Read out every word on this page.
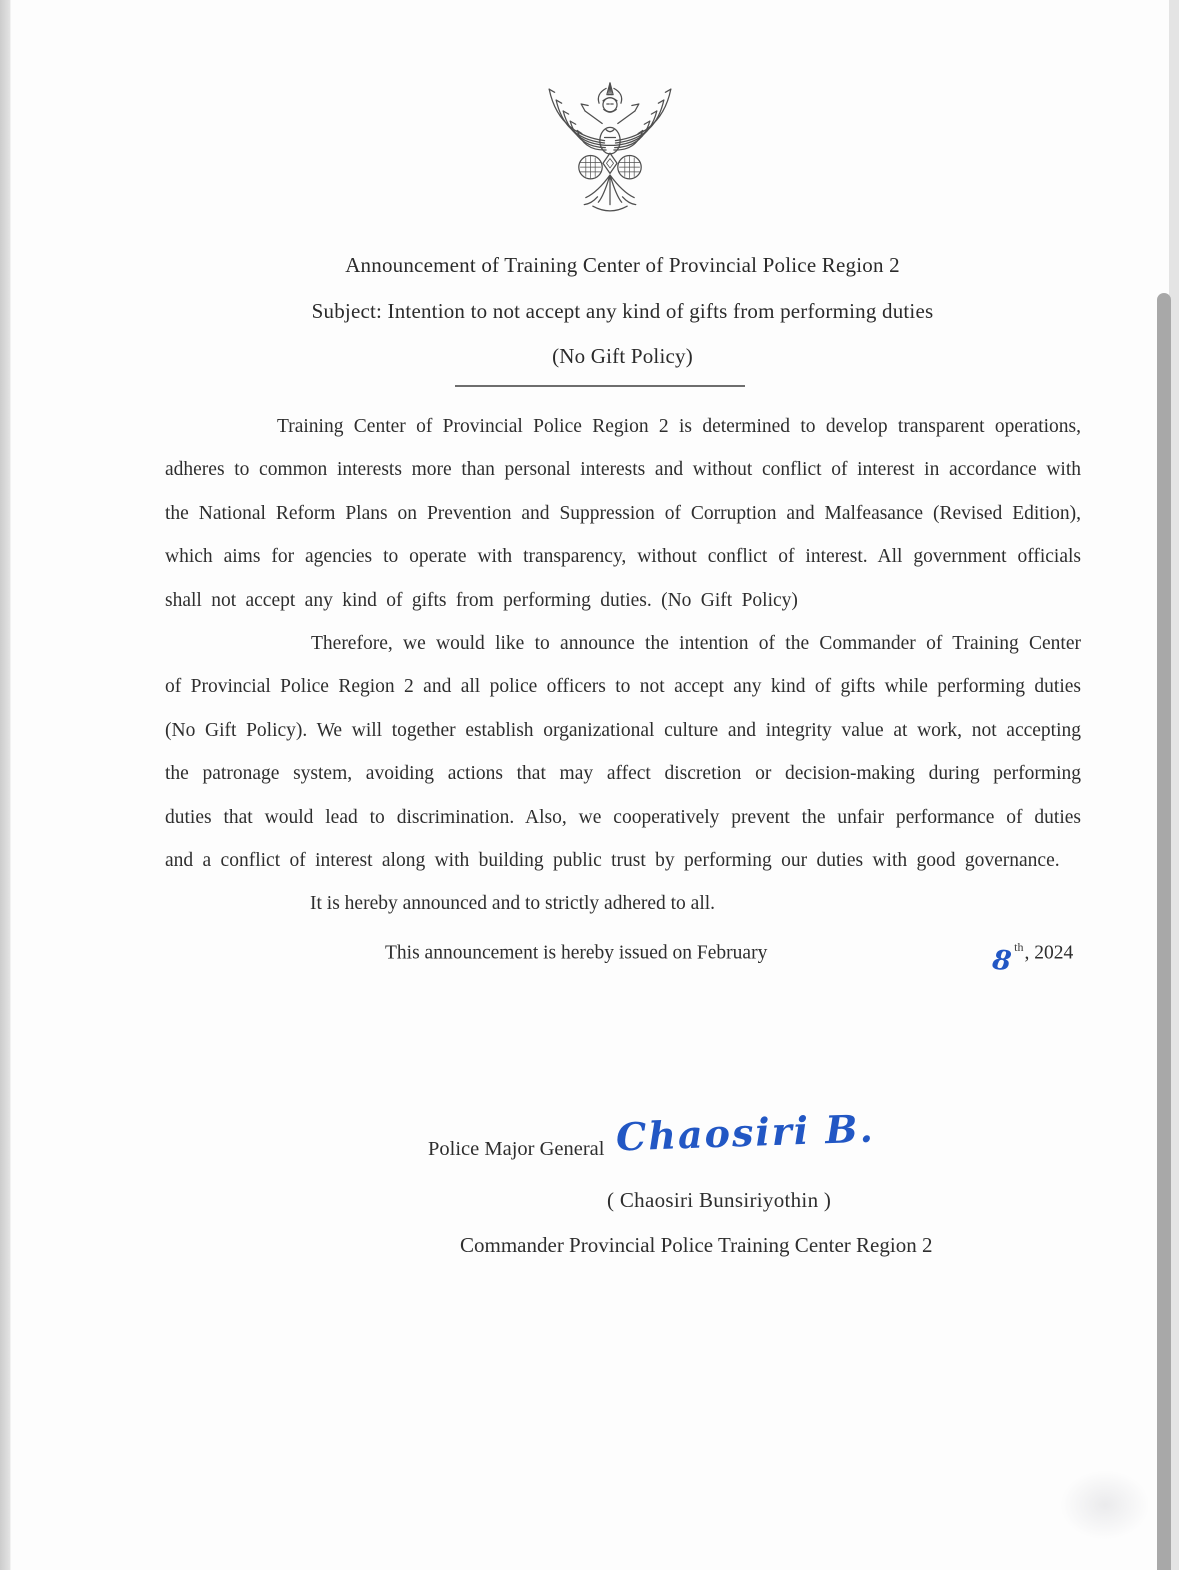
Announcement of Training Center of Provincial Police Region 2
Subject: Intention to not accept any kind of gifts from performing duties
(No Gift Policy)

Training Center of Provincial Police Region 2 is determined to develop transparent operations, adheres to common interests more than personal interests and without conflict of interest in accordance with the National Reform Plans on Prevention and Suppression of Corruption and Malfeasance (Revised Edition), which aims for agencies to operate with transparency, without conflict of interest. All government officials shall not accept any kind of gifts from performing duties. (No Gift Policy)

Therefore, we would like to announce the intention of the Commander of Training Center of Provincial Police Region 2 and all police officers to not accept any kind of gifts while performing duties (No Gift Policy). We will together establish organizational culture and integrity value at work, not accepting the patronage system, avoiding actions that may affect discretion or decision-making during performing duties that would lead to discrimination. Also, we cooperatively prevent the unfair performance of duties and a conflict of interest along with building public trust by performing our duties with good governance.

It is hereby announced and to strictly adhered to all.

This announcement is hereby issued on February	8th, 2024

Police Major General Chaosiri B.
( Chaosiri Bunsiriyothin )
Commander Provincial Police Training Center Region 2
